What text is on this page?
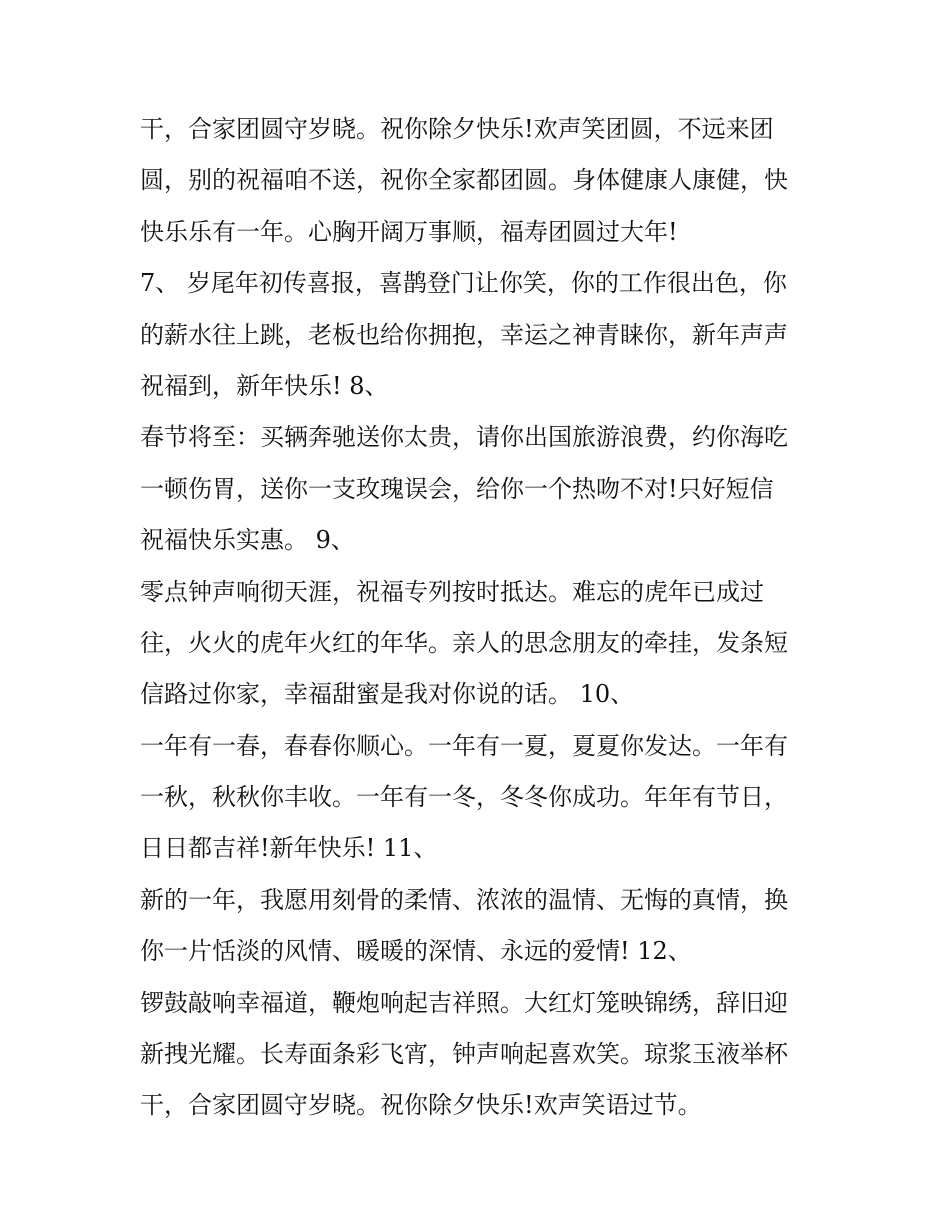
干，合家团圆守岁晓。祝你除夕快乐!欢声笑团圆，不远来团
圆，别的祝福咱不送，祝你全家都团圆。身体健康人康健，快
快乐乐有一年。心胸开阔万事顺，福寿团圆过大年!
7、 岁尾年初传喜报，喜鹊登门让你笑，你的工作很出色，你
的薪水往上跳，老板也给你拥抱，幸运之神青睐你，新年声声
祝福到，新年快乐! 8、
春节将至：买辆奔驰送你太贵，请你出国旅游浪费，约你海吃
一顿伤胃，送你一支玫瑰误会，给你一个热吻不对!只好短信
祝福快乐实惠。 9、
零点钟声响彻天涯，祝福专列按时抵达。难忘的虎年已成过
往，火火的虎年火红的年华。亲人的思念朋友的牵挂，发条短
信路过你家，幸福甜蜜是我对你说的话。 10、
一年有一春，春春你顺心。一年有一夏，夏夏你发达。一年有
一秋，秋秋你丰收。一年有一冬，冬冬你成功。年年有节日，
日日都吉祥!新年快乐! 11、
新的一年，我愿用刻骨的柔情、浓浓的温情、无悔的真情，换
你一片恬淡的风情、暖暖的深情、永远的爱情! 12、
锣鼓敲响幸福道，鞭炮响起吉祥照。大红灯笼映锦绣，辞旧迎
新拽光耀。长寿面条彩飞宵，钟声响起喜欢笑。琼浆玉液举杯
干，合家团圆守岁晓。祝你除夕快乐!欢声笑语过节。
